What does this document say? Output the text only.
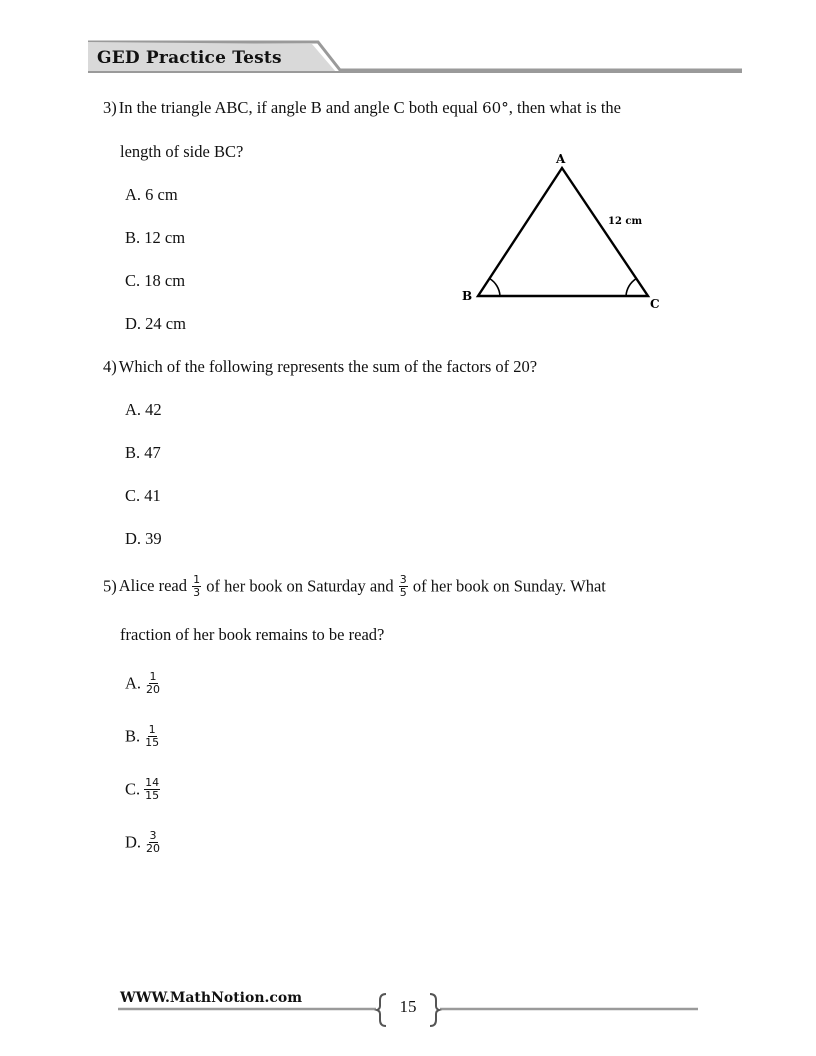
GED Practice Tests
3) In the triangle ABC, if angle B and angle C both equal 60°, then what is the
length of side BC?
A. 6 cm
B. 12 cm
C. 18 cm
D. 24 cm
A
B
C
12 cm
4) Which of the following represents the sum of the factors of 20?
A. 42
B. 47
C. 41
D. 39
5) Alice read $\frac{1}{3}$ of her book on Saturday and $\frac{3}{5}$ of her book on Sunday. What
fraction of her book remains to be read?
A. $\frac{1}{20}$
B. $\frac{1}{15}$
C. $\frac{14}{15}$
D. $\frac{3}{20}$
WWW.MathNotion.com	15
